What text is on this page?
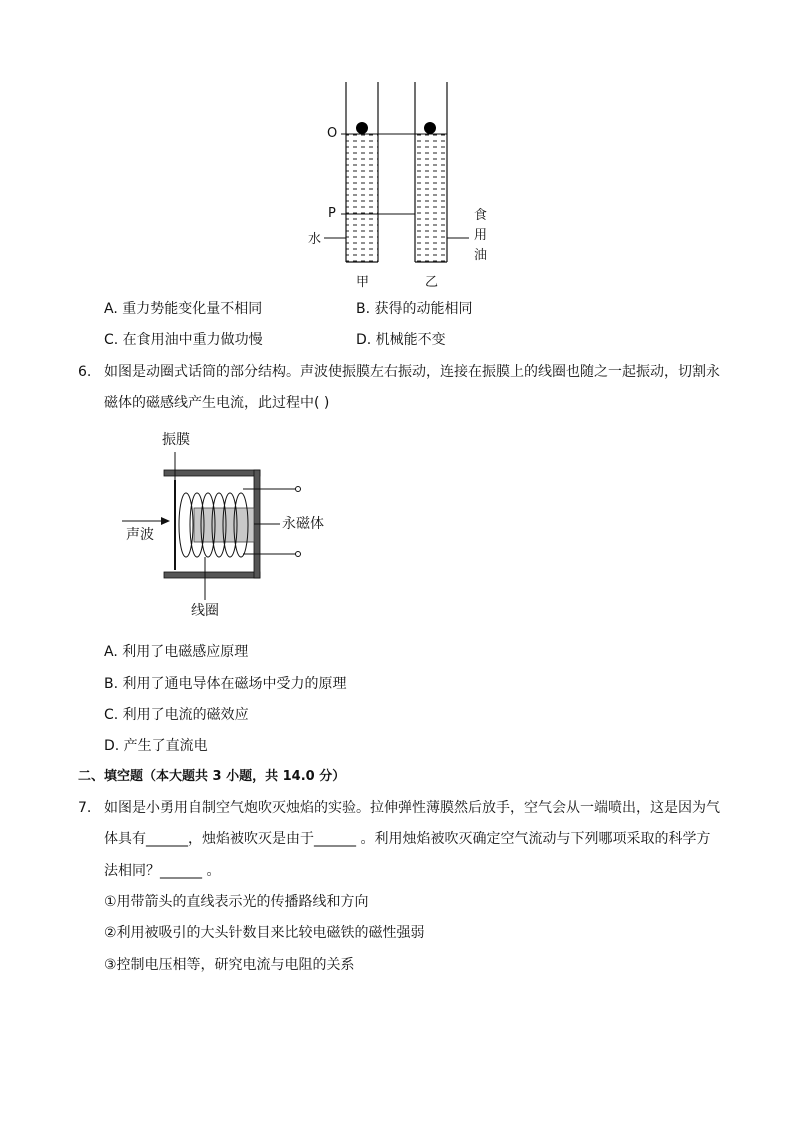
O
P
水
食
用
油
甲	乙
A. 重力势能变化量不相同	B. 获得的动能相同
C. 在食用油中重力做功慢	D. 机械能不变
6. 如图是动圈式话筒的部分结构。声波使振膜左右振动，连接在振膜上的线圈也随之一起振动，切割永
磁体的磁感线产生电流，此过程中( )
振膜
声波
永磁体
线圈
A. 利用了电磁感应原理
B. 利用了通电导体在磁场中受力的原理
C. 利用了电流的磁效应
D. 产生了直流电
二、填空题（本大题共 3 小题，共 14.0 分）
7. 如图是小勇用自制空气炮吹灭烛焰的实验。拉伸弹性薄膜然后放手，空气会从一端喷出，这是因为气
体具有______，烛焰被吹灭是由于______ 。利用烛焰被吹灭确定空气流动与下列哪项采取的科学方
法相同？______ 。
①用带箭头的直线表示光的传播路线和方向
②利用被吸引的大头针数目来比较电磁铁的磁性强弱
③控制电压相等，研究电流与电阻的关系
